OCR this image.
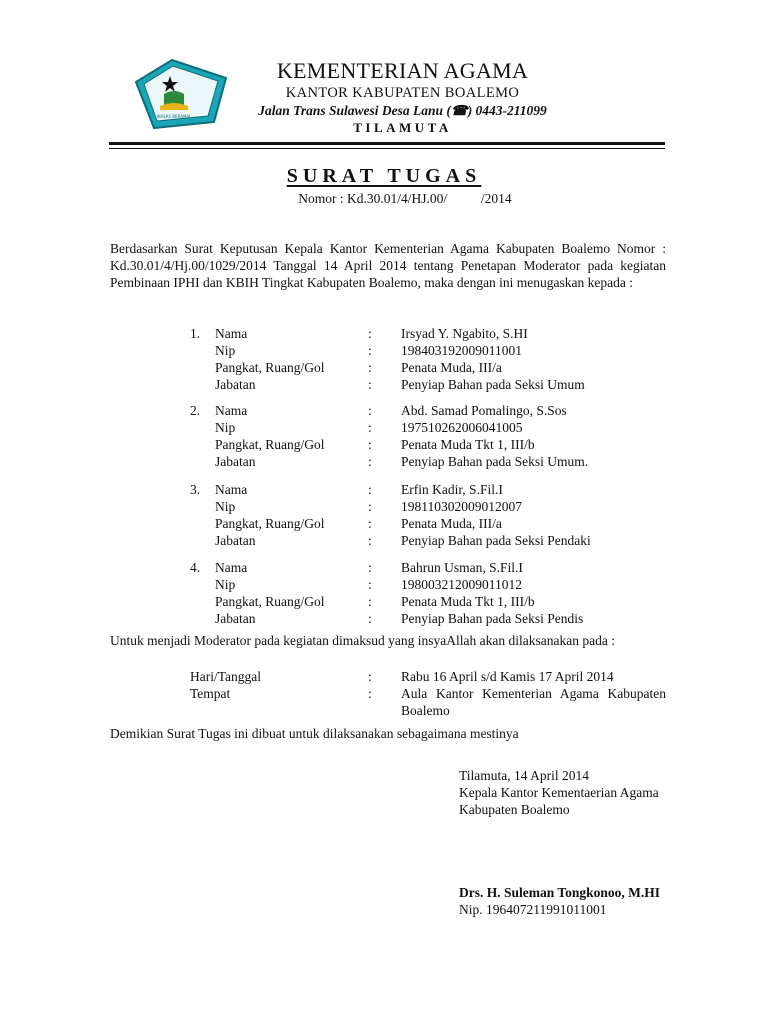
IKHLAS BERAMAL
KEMENTERIAN AGAMA
KANTOR KABUPATEN BOALEMO
Jalan Trans Sulawesi Desa Lanu (☎) 0443-211099
TILAMUTA
SURAT TUGAS
Nomor : Kd.30.01/4/HJ.00/          /2014
Berdasarkan Surat Keputusan Kepala Kantor Kementerian Agama Kabupaten Boalemo Nomor : Kd.30.01/4/Hj.00/1029/2014 Tanggal 14 April 2014 tentang Penetapan Moderator pada kegiatan Pembinaan IPHI dan KBIH Tingkat Kabupaten Boalemo, maka dengan ini menugaskan kepada :
1. Nama	: Irsyad Y. Ngabito, S.HI
Nip	: 198403192009011001
Pangkat, Ruang/Gol	: Penata Muda, III/a
Jabatan	: Penyiap Bahan pada Seksi Umum
2. Nama	: Abd. Samad Pomalingo, S.Sos
Nip	: 197510262006041005
Pangkat, Ruang/Gol	: Penata Muda Tkt 1, III/b
Jabatan	: Penyiap Bahan pada Seksi Umum.
3. Nama	: Erfin Kadir, S.Fil.I
Nip	: 198110302009012007
Pangkat, Ruang/Gol	: Penata Muda, III/a
Jabatan	: Penyiap Bahan pada Seksi Pendaki
4. Nama	: Bahrun Usman, S.Fil.I
Nip	: 198003212009011012
Pangkat, Ruang/Gol	: Penata Muda Tkt 1, III/b
Jabatan	: Penyiap Bahan pada Seksi Pendis
Untuk menjadi Moderator pada kegiatan dimaksud yang insyaAllah akan dilaksanakan pada :
Hari/Tanggal	: Rabu 16 April s/d Kamis 17 April 2014
Tempat	: Aula Kantor Kementerian Agama Kabupaten Boalemo
Demikian Surat Tugas ini dibuat untuk dilaksanakan sebagaimana mestinya
Tilamuta, 14 April 2014
Kepala Kantor Kementaerian Agama
Kabupaten Boalemo
Drs. H. Suleman Tongkonoo, M.HI
Nip. 196407211991011001
